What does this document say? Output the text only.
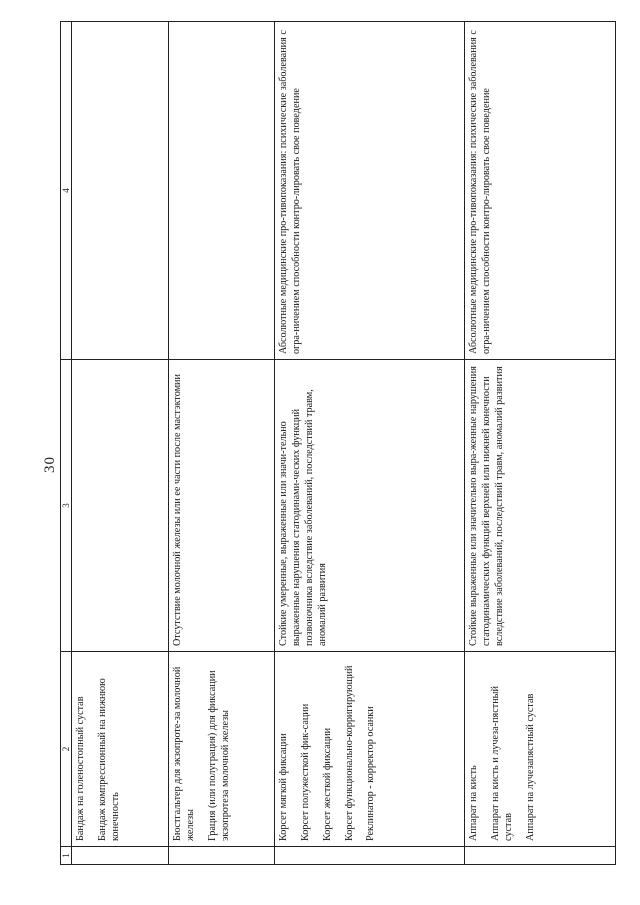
30
1	2	3	4

	Бандаж на голеностопный сустав Бандаж компрессионный на нижнюю конечность		

	Бюстгальтер для экзопроте-за молочной железы Грация (или полуграция) для фиксации экзопротеза молочной железы	Отсутствие молочной железы или ее части после мастэктомии	

	Корсет мягкой фиксации Корсет полужесткой фик-сации Корсет жесткой фиксации Корсет функционально-корригирующий Реклинатор - корректор осанки	Стойкие умеренные, выраженные или значи-тельно выраженные нарушения статодинами-ческих функций позвоночника вследствие заболеваний, последствий травм, аномалий развития	Абсолютные медицинские про-тивопоказания: психические заболевания с огра-ничением способности контро-лировать свое поведение

	Аппарат на кисть Аппарат на кисть и лучеза-пястный сустав Аппарат на лучезапястный сустав	Стойкие выраженные или значительно выра-женные нарушения статодинамических функций верхней или нижней конечности вследствие заболеваний, последствий травм, аномалий развития	Абсолютные медицинские про-тивопоказания: психические заболевания с огра-ничением способности контро-лировать свое поведение
